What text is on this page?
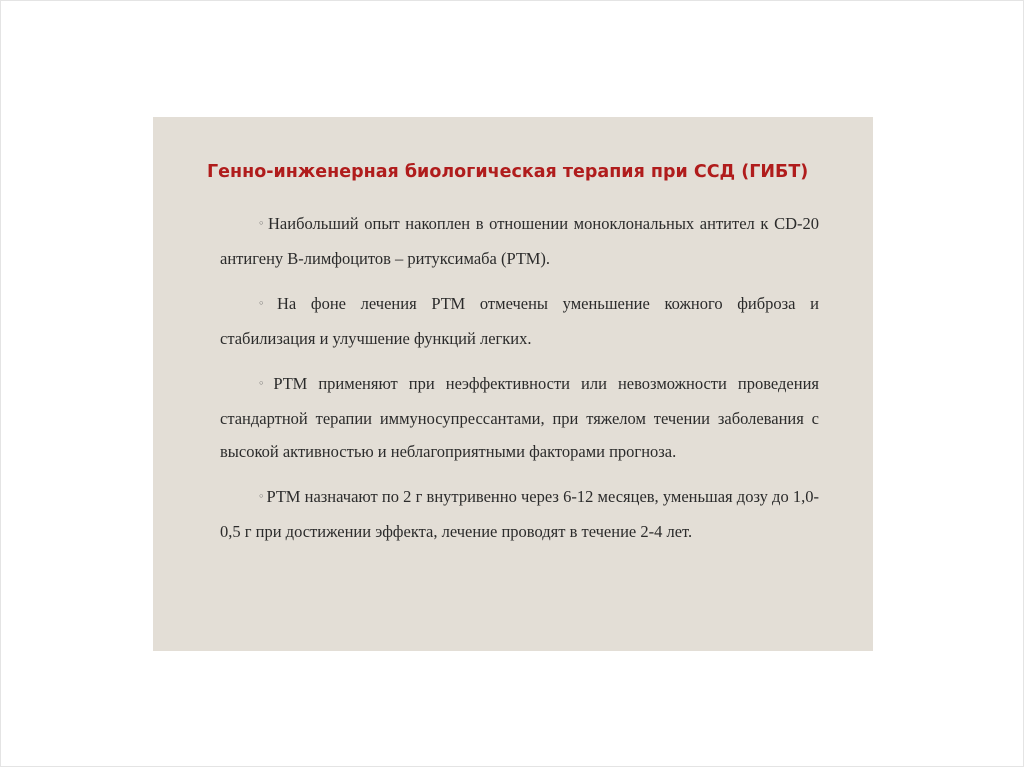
Генно-инженерная биологическая терапия при ССД (ГИБТ)
◦ Наибольший опыт накоплен в отношении моноклональных антител к CD-20 антигену В-лимфоцитов – ритуксимаба (РТМ).
◦ На фоне лечения РТМ отмечены уменьшение кожного фиброза и стабилизация и улучшение функций легких.
◦ РТМ применяют при неэффективности или невозможности проведения стандартной терапии иммуносупрессантами, при тяжелом течении заболевания с высокой активностью и неблагоприятными факторами прогноза.
◦ РТМ назначают по 2 г внутривенно через 6-12 месяцев, уменьшая дозу до 1,0-0,5 г при достижении эффекта, лечение проводят в течение 2-4 лет.
